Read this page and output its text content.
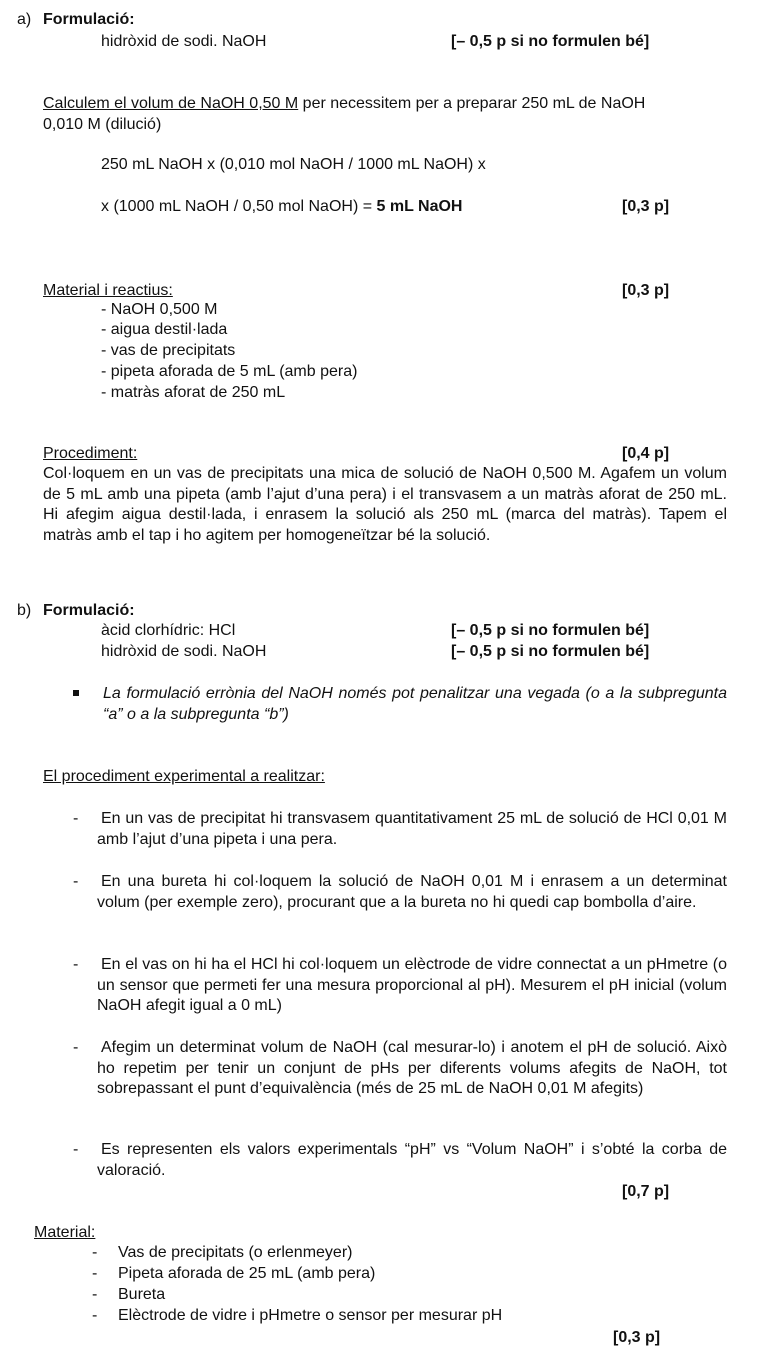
a) Formulació:
hidròxid de sodi. NaOH	[– 0,5 p si no formulen bé]
Calculem el volum de NaOH 0,50 M per necessitem per a preparar 250 mL de NaOH
0,010 M (dilució)
250 mL NaOH x (0,010 mol NaOH / 1000 mL NaOH) x
x (1000 mL NaOH / 0,50 mol NaOH) = 5 mL NaOH	[0,3 p]
Material i reactius:	[0,3 p]
- NaOH 0,500 M
- aigua destil·lada
- vas de precipitats
- pipeta aforada de 5 mL (amb pera)
- matràs aforat de 250 mL
Procediment:	[0,4 p]
Col·loquem en un vas de precipitats una mica de solució de NaOH 0,500 M. Agafem un volum de 5 mL amb una pipeta (amb l’ajut d’una pera) i el transvasem a un matràs aforat de 250 mL. Hi afegim aigua destil·lada, i enrasem la solució als 250 mL (marca del matràs). Tapem el matràs amb el tap i ho agitem per homogeneïtzar bé la solució.
b) Formulació:
àcid clorhídric: HCl	[– 0,5 p si no formulen bé]
hidròxid de sodi. NaOH	[– 0,5 p si no formulen bé]
La formulació errònia del NaOH només pot penalitzar una vegada (o a la subpregunta “a” o a la subpregunta “b”)
El procediment experimental a realitzar:
- En un vas de precipitat hi transvasem quantitativament 25 mL de solució de HCl 0,01 M amb l’ajut d’una pipeta i una pera.
- En una bureta hi col·loquem la solució de NaOH 0,01 M i enrasem a un determinat volum (per exemple zero), procurant que a la bureta no hi quedi cap bombolla d’aire.
- En el vas on hi ha el HCl hi col·loquem un elèctrode de vidre connectat a un pHmetre (o un sensor que permeti fer una mesura proporcional al pH). Mesurem el pH inicial (volum NaOH afegit igual a 0 mL)
- Afegim un determinat volum de NaOH (cal mesurar-lo) i anotem el pH de solució. Això ho repetim per tenir un conjunt de pHs per diferents volums afegits de NaOH, tot sobrepassant el punt d’equivalència (més de 25 mL de NaOH 0,01 M afegits)
- Es representen els valors experimentals “pH” vs “Volum NaOH” i s’obté la corba de valoració.
[0,7 p]
Material:
- Vas de precipitats (o erlenmeyer)
- Pipeta aforada de 25 mL (amb pera)
- Bureta
- Elèctrode de vidre i pHmetre o sensor per mesurar pH
[0,3 p]
